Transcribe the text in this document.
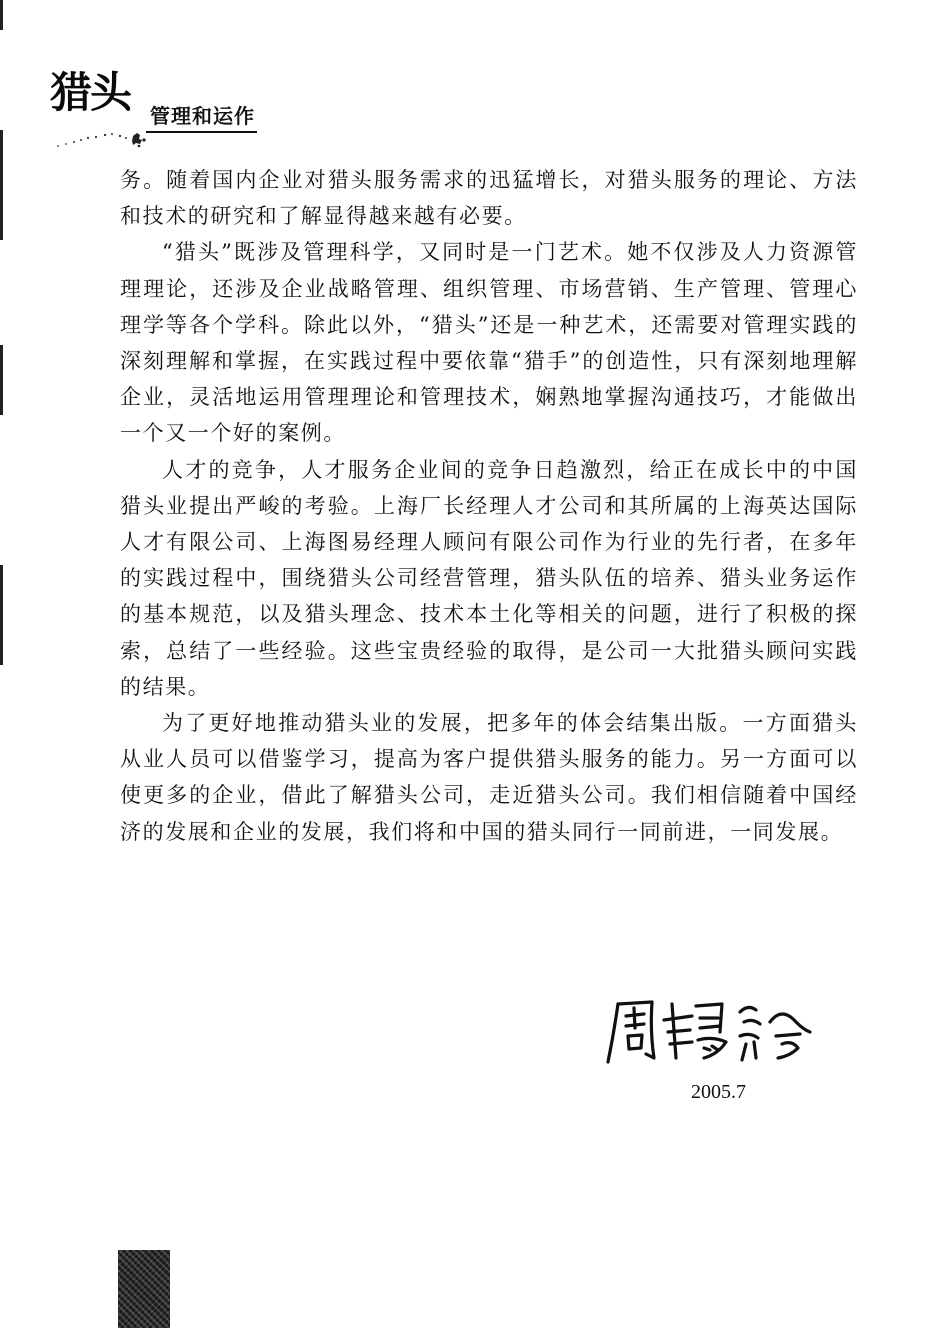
猎头 管理和运作

务。随着国内企业对猎头服务需求的迅猛增长，对猎头服务的理论、方法和技术的研究和了解显得越来越有必要。

“猎头”既涉及管理科学，又同时是一门艺术。她不仅涉及人力资源管理理论，还涉及企业战略管理、组织管理、市场营销、生产管理、管理心理学等各个学科。除此以外，“猎头”还是一种艺术，还需要对管理实践的深刻理解和掌握，在实践过程中要依靠“猎手”的创造性，只有深刻地理解企业，灵活地运用管理理论和管理技术，娴熟地掌握沟通技巧，才能做出一个又一个好的案例。

人才的竞争，人才服务企业间的竞争日趋激烈，给正在成长中的中国猎头业提出严峻的考验。上海厂长经理人才公司和其所属的上海英达国际人才有限公司、上海图易经理人顾问有限公司作为行业的先行者，在多年的实践过程中，围绕猎头公司经营管理，猎头队伍的培养、猎头业务运作的基本规范，以及猎头理念、技术本土化等相关的问题，进行了积极的探索，总结了一些经验。这些宝贵经验的取得，是公司一大批猎头顾问实践的结果。

为了更好地推动猎头业的发展，把多年的体会结集出版。一方面猎头从业人员可以借鉴学习，提高为客户提供猎头服务的能力。另一方面可以使更多的企业，借此了解猎头公司，走近猎头公司。我们相信随着中国经济的发展和企业的发展，我们将和中国的猎头同行一同前进，一同发展。

2005.7
